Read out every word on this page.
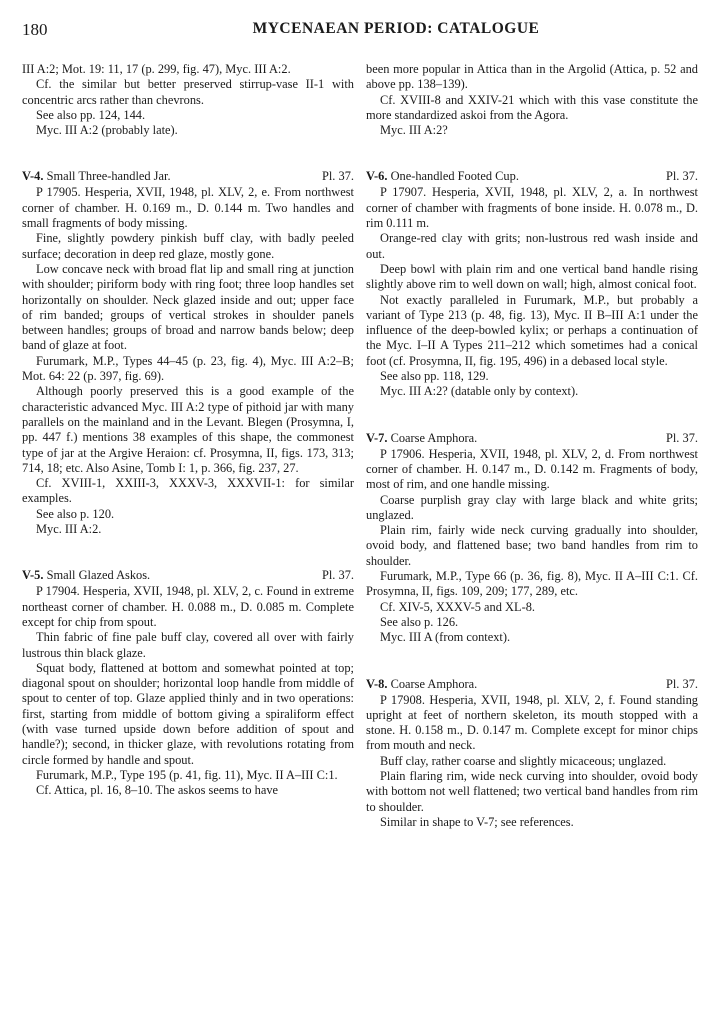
180	MYCENAEAN PERIOD: CATALOGUE

III A:2; Mot. 19: 11, 17 (p. 299, fig. 47), Myc. III A:2.

Cf. the similar but better preserved stirrup-vase II-1 with concentric arcs rather than chevrons.

See also pp. 124, 144.

Myc. III A:2 (probably late).

V-4. Small Three-handled Jar.	Pl. 37.

P 17905. Hesperia, XVII, 1948, pl. XLV, 2, e. From northwest corner of chamber. H. 0.169 m., D. 0.144 m. Two handles and small fragments of body missing.

Fine, slightly powdery pinkish buff clay, with badly peeled surface; decoration in deep red glaze, mostly gone.

Low concave neck with broad flat lip and small ring at junction with shoulder; piriform body with ring foot; three loop handles set horizontally on shoulder. Neck glazed inside and out; upper face of rim banded; groups of vertical strokes in shoulder panels between handles; groups of broad and narrow bands below; deep band of glaze at foot.

Furumark, M.P., Types 44–45 (p. 23, fig. 4), Myc. III A:2–B; Mot. 64: 22 (p. 397, fig. 69).

Although poorly preserved this is a good example of the characteristic advanced Myc. III A:2 type of pithoid jar with many parallels on the mainland and in the Levant. Blegen (Prosymna, I, pp. 447 f.) mentions 38 examples of this shape, the commonest type of jar at the Argive Heraion: cf. Prosymna, II, figs. 173, 313; 714, 18; etc. Also Asine, Tomb I: 1, p. 366, fig. 237, 27.

Cf. XVIII-1, XXIII-3, XXXV-3, XXXVII-1: for similar examples.

See also p. 120.

Myc. III A:2.

V-5. Small Glazed Askos.	Pl. 37.

P 17904. Hesperia, XVII, 1948, pl. XLV, 2, c. Found in extreme northeast corner of chamber. H. 0.088 m., D. 0.085 m. Complete except for chip from spout.

Thin fabric of fine pale buff clay, covered all over with fairly lustrous thin black glaze.

Squat body, flattened at bottom and somewhat pointed at top; diagonal spout on shoulder; horizontal loop handle from middle of spout to center of top. Glaze applied thinly and in two operations: first, starting from middle of bottom giving a spiraliform effect (with vase turned upside down before addition of spout and handle?); second, in thicker glaze, with revolutions rotating from circle formed by handle and spout.

Furumark, M.P., Type 195 (p. 41, fig. 11), Myc. II A–III C:1.

Cf. Attica, pl. 16, 8–10. The askos seems to have

been more popular in Attica than in the Argolid (Attica, p. 52 and above pp. 138–139).

Cf. XVIII-8 and XXIV-21 which with this vase constitute the more standardized askoi from the Agora.

Myc. III A:2?

V-6. One-handled Footed Cup.	Pl. 37.

P 17907. Hesperia, XVII, 1948, pl. XLV, 2, a. In northwest corner of chamber with fragments of bone inside. H. 0.078 m., D. rim 0.111 m.

Orange-red clay with grits; non-lustrous red wash inside and out.

Deep bowl with plain rim and one vertical band handle rising slightly above rim to well down on wall; high, almost conical foot.

Not exactly paralleled in Furumark, M.P., but probably a variant of Type 213 (p. 48, fig. 13), Myc. II B–III A:1 under the influence of the deep-bowled kylix; or perhaps a continuation of the Myc. I–II A Types 211–212 which sometimes had a conical foot (cf. Prosymna, II, fig. 195, 496) in a debased local style.

See also pp. 118, 129.

Myc. III A:2? (datable only by context).

V-7. Coarse Amphora.	Pl. 37.

P 17906. Hesperia, XVII, 1948, pl. XLV, 2, d. From northwest corner of chamber. H. 0.147 m., D. 0.142 m. Fragments of body, most of rim, and one handle missing.

Coarse purplish gray clay with large black and white grits; unglazed.

Plain rim, fairly wide neck curving gradually into shoulder, ovoid body, and flattened base; two band handles from rim to shoulder.

Furumark, M.P., Type 66 (p. 36, fig. 8), Myc. II A–III C:1. Cf. Prosymna, II, figs. 109, 209; 177, 289, etc.

Cf. XIV-5, XXXV-5 and XL-8.

See also p. 126.

Myc. III A (from context).

V-8. Coarse Amphora.	Pl. 37.

P 17908. Hesperia, XVII, 1948, pl. XLV, 2, f. Found standing upright at feet of northern skeleton, its mouth stopped with a stone. H. 0.158 m., D. 0.147 m. Complete except for minor chips from mouth and neck.

Buff clay, rather coarse and slightly micaceous; unglazed.

Plain flaring rim, wide neck curving into shoulder, ovoid body with bottom not well flattened; two vertical band handles from rim to shoulder.

Similar in shape to V-7; see references.
